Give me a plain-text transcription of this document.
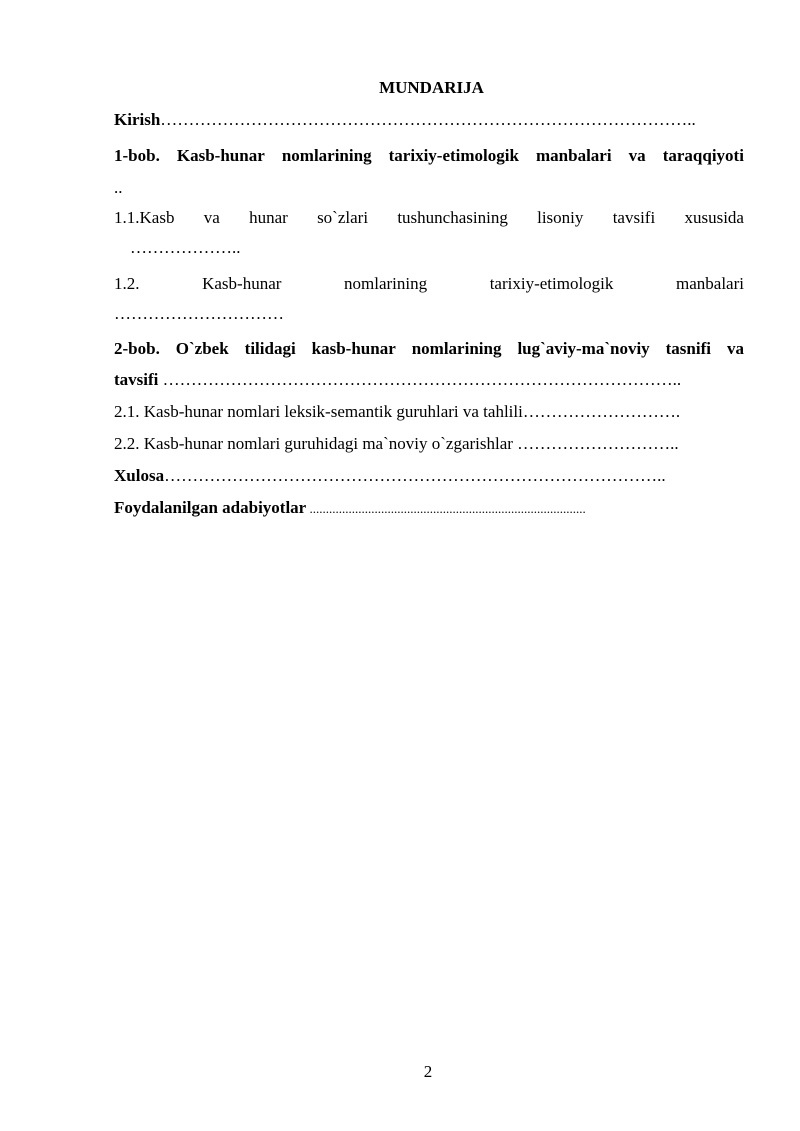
MUNDARIJA
Kirish…………………………………………………………………………………..
1-bob. Kasb-hunar nomlarining tarixiy-etimologik manbalari va taraqqiyoti
..
1.1.Kasb va hunar so`zlari tushunchasining lisoniy tavsifi xususida
………………..
1.2.	Kasb-hunar	nomlarining	tarixiy-etimologik	manbalari
…………………………
2-bob. O`zbek tilidagi kasb-hunar nomlarining lug`aviy-ma`noviy tasnifi va
tavsifi ………………………………………………………………………………..
2.1. Kasb-hunar nomlari leksik-semantik guruhlari va tahlili……………………….
2.2. Kasb-hunar nomlari guruhidagi ma`noviy o`zgarishlar ………………………..
Xulosa……………………………………………………………………………..
Foydalanilgan adabiyotlar .....................................................................................
2
